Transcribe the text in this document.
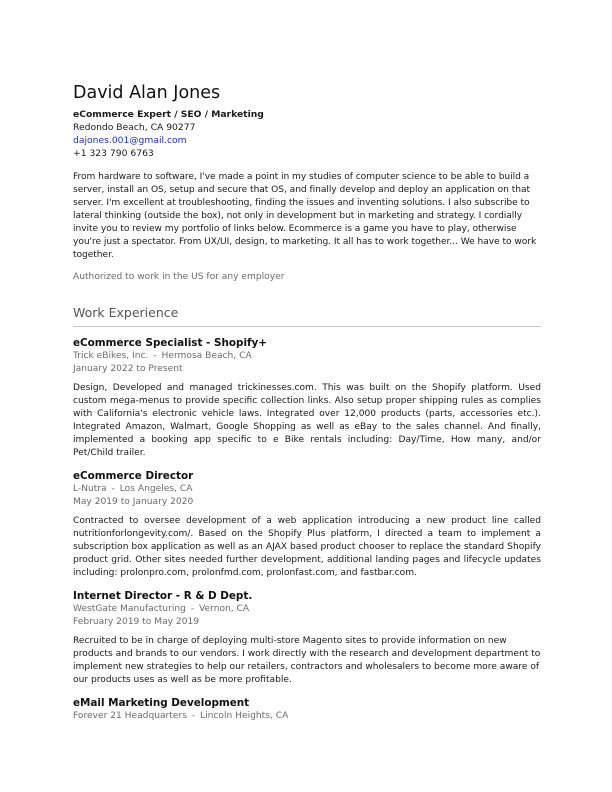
David Alan Jones
eCommerce Expert / SEO / Marketing
Redondo Beach, CA 90277
dajones.001@gmail.com
+1 323 790 6763
From hardware to software, I've made a point in my studies of computer science to be able to build a server, install an OS, setup and secure that OS, and finally develop and deploy an application on that server. I'm excellent at troubleshooting, finding the issues and inventing solutions. I also subscribe to lateral thinking (outside the box), not only in development but in marketing and strategy. I cordially invite you to review my portfolio of links below. Ecommerce is a game you have to play, otherwise you're just a spectator. From UX/UI, design, to marketing. It all has to work together... We have to work together.
Authorized to work in the US for any employer
Work Experience
eCommerce Specialist - Shopify+
Trick eBikes, Inc. - Hermosa Beach, CA
January 2022 to Present
Design, Developed and managed trickinesses.com. This was built on the Shopify platform. Used custom mega-menus to provide specific collection links. Also setup proper shipping rules as complies with California's electronic vehicle laws. Integrated over 12,000 products (parts, accessories etc.). Integrated Amazon, Walmart, Google Shopping as well as eBay to the sales channel. And finally, implemented a booking app specific to e Bike rentals including: Day/Time, How many, and/or Pet/Child trailer.
eCommerce Director
L-Nutra - Los Angeles, CA
May 2019 to January 2020
Contracted to oversee development of a web application introducing a new product line called nutritionforlongevity.com/. Based on the Shopify Plus platform, I directed a team to implement a subscription box application as well as an AJAX based product chooser to replace the standard Shopify product grid. Other sites needed further development, additional landing pages and lifecycle updates including: prolonpro.com, prolonfmd.com, prolonfast.com, and fastbar.com.
Internet Director - R & D Dept.
WestGate Manufacturing - Vernon, CA
February 2019 to May 2019
Recruited to be in charge of deploying multi-store Magento sites to provide information on new products and brands to our vendors. I work directly with the research and development department to implement new strategies to help our retailers, contractors and wholesalers to become more aware of our products uses as well as be more profitable.
eMail Marketing Development
Forever 21 Headquarters - Lincoln Heights, CA
